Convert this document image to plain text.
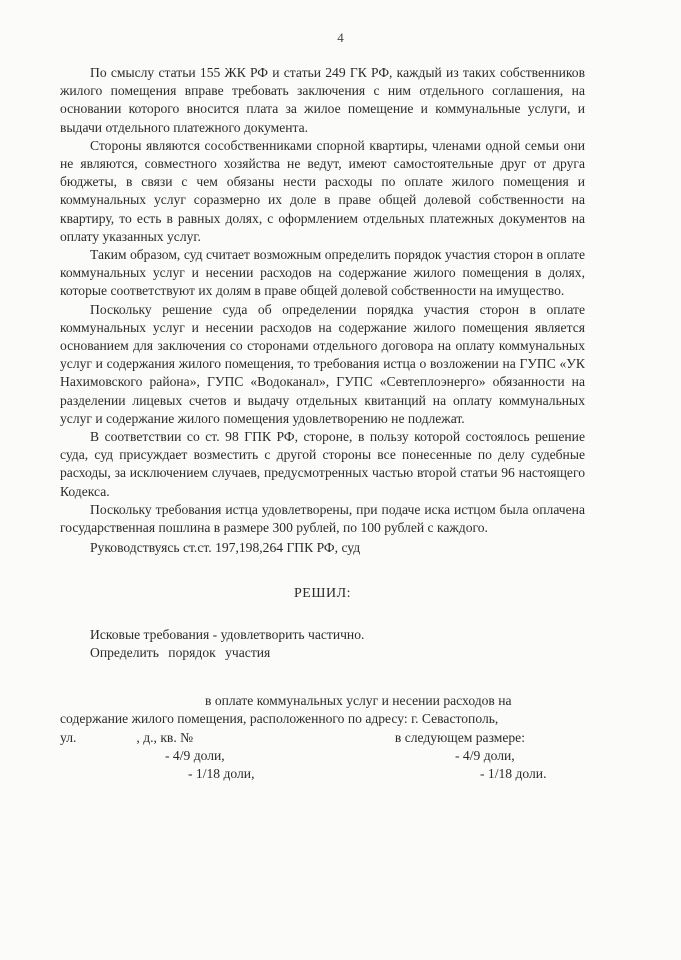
4

По смыслу статьи 155 ЖК РФ и статьи 249 ГК РФ, каждый из таких собственников жилого помещения вправе требовать заключения с ним отдельного соглашения, на основании которого вносится плата за жилое помещение и коммунальные услуги, и выдачи отдельного платежного документа.

Стороны являются сособственниками спорной квартиры, членами одной семьи они не являются, совместного хозяйства не ведут, имеют самостоятельные друг от друга бюджеты, в связи с чем обязаны нести расходы по оплате жилого помещения и коммунальных услуг соразмерно их доле в праве общей долевой собственности на квартиру, то есть в равных долях, с оформлением отдельных платежных документов на оплату указанных услуг.

Таким образом, суд считает возможным определить порядок участия сторон в оплате коммунальных услуг и несении расходов на содержание жилого помещения в долях, которые соответствуют их долям в праве общей долевой собственности на имущество.

Поскольку решение суда об определении порядка участия сторон в оплате коммунальных услуг и несении расходов на содержание жилого помещения является основанием для заключения со сторонами отдельного договора на оплату коммунальных услуг и содержания жилого помещения, то требования истца о возложении на ГУПС «УК Нахимовского района», ГУПС «Водоканал», ГУПС «Севтеплоэнерго» обязанности на разделении лицевых счетов и выдачу отдельных квитанций на оплату коммунальных услуг и содержание жилого помещения удовлетворению не подлежат.

В соответствии со ст. 98 ГПК РФ, стороне, в пользу которой состоялось решение суда, суд присуждает возместить с другой стороны все понесенные по делу судебные расходы, за исключением случаев, предусмотренных частью второй статьи 96 настоящего Кодекса.

Поскольку требования истца удовлетворены, при подаче иска истцом была оплачена государственная пошлина в размере 300 рублей, по 100 рублей с каждого.

Руководствуясь ст.ст. 197,198,264 ГПК РФ, суд

РЕШИЛ:

Исковые требования - удовлетворить частично.

Определить порядок участия

в оплате коммунальных услуг и несении расходов на

содержание жилого помещения, расположенного по адресу: г. Севастополь,

ул.	, д. , кв. №	в следующем размере:
- 4/9 доли,	- 4/9 доли,
- 1/18 доли,	- 1/18 доли.
